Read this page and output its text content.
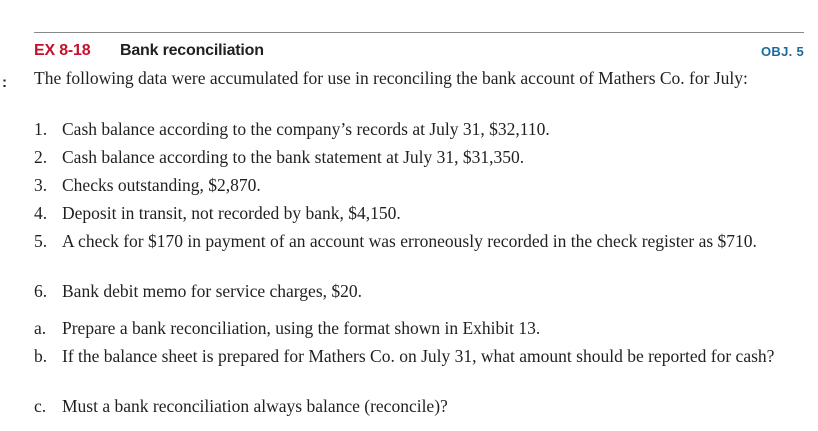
:
EX 8-18 Bank reconciliation	OBJ. 5
The following data were accumulated for use in reconciling the bank account of Mathers Co. for July:
1. Cash balance according to the company’s records at July 31, $32,110.
2. Cash balance according to the bank statement at July 31, $31,350.
3. Checks outstanding, $2,870.
4. Deposit in transit, not recorded by bank, $4,150.
5. A check for $170 in payment of an account was erroneously recorded in the check register as $710.
6. Bank debit memo for service charges, $20.
a. Prepare a bank reconciliation, using the format shown in Exhibit 13.
b. If the balance sheet is prepared for Mathers Co. on July 31, what amount should be reported for cash?
c. Must a bank reconciliation always balance (reconcile)?
